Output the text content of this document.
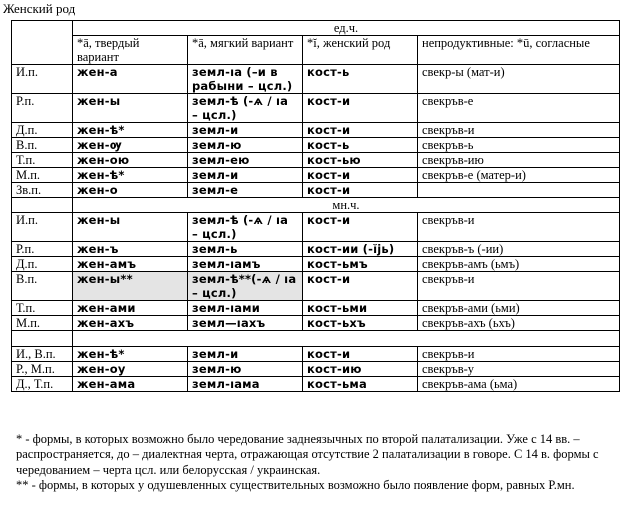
Женский род
	ед.ч.			
	*ā, твердый вариант	*ā, мягкий вариант	*ĭ, женский род	непродуктивные: *ū, согласные
И.п.	жен-а	земл-ıа (–и в рабыни – цсл.)	кост-ь	свекр-ы (мат-и)
Р.п.	жен-ы	земл-ѣ (-ѧ / ıа – цсл.)	кост-и	свекръв-е
Д.п.	жен-ѣ*	земл-и	кост-и	свекръв-и
В.п.	жен-ѹ	земл-ю	кост-ь	свекръв-ь
Т.п.	жен-ою	земл-ею	кост-ью	свекръв-ию
М.п.	жен-ѣ*	земл-и	кост-и	свекръв-е (матер-и)
Зв.п.	жен-о	земл-е	кост-и	
	мн.ч.			
И.п.	жен-ы	земл-ѣ (-ѧ / ıа – цсл.)	кост-и	свекръв-и
Р.п.	жен-ъ	земл-ь	кост-ии (-ĭjь)	свекръв-ъ (-ии)
Д.п.	жен-амъ	земл-ıамъ	кост-ьмъ	свекръв-амъ (ьмъ)
В.п.	жен-ы**	земл-ѣ**(-ѧ / ıа – цсл.)	кост-и	свекръв-и
Т.п.	жен-ами	земл-ıами	кост-ьми	свекръв-ами (ьми)
М.п.	жен-ахъ	земл—ıахъ	кост-ьхъ	свекръв-ахъ (ьхъ)

И., В.п.	жен-ѣ*	земл-и	кост-и	свекръв-и
Р., М.п.	жен-оу	земл-ю	кост-ию	свекръв-у
Д., Т.п.	жен-ама	земл-ıама	кост-ьма	свекръв-ама (ьма)

* - формы, в которых возможно было чередование заднеязычных по второй палатализации. Уже с 14 вв. – распространяется, до – диалектная черта, отражающая отсутствие 2 палатализации в говоре. С 14 в. формы с чередованием – черта цсл. или белорусская / украинская.

** - формы, в которых у одушевленных существительных возможно было появление форм, равных Р.мн.
